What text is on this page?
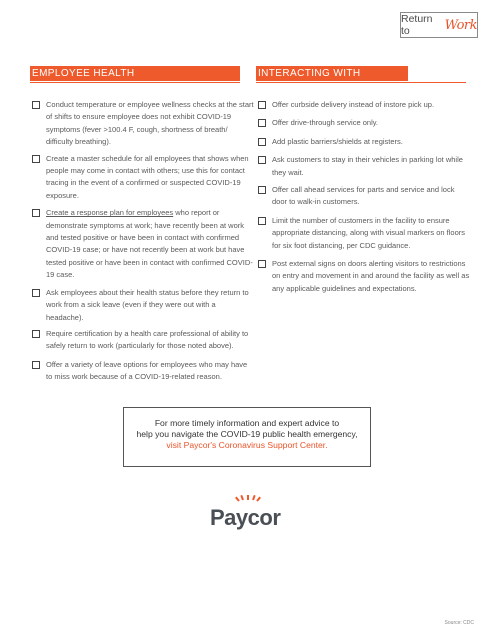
Return to	Work
EMPLOYEE HEALTH	INTERACTING WITH CUSTOMERS
Conduct temperature or employee wellness checks at the start of shifts to ensure employee does not exhibit COVID-19 symptoms (fever >100.4 F, cough, shortness of breath/ difficulty breathing).
Create a master schedule for all employees that shows when people may come in contact with others; use this for contact tracing in the event of a confirmed or suspected COVID-19 exposure.
Create a response plan for employees who report or demonstrate symptoms at work; have recently been at work and tested positive or have been in contact with confirmed COVID-19 case; or have not recently been at work but have tested positive or have been in contact with confirmed COVID-19 case.
Ask employees about their health status before they return to work from a sick leave (even if they were out with a headache).
Require certification by a health care professional of ability to safely return to work (particularly for those noted above).
Offer a variety of leave options for employees who may have to miss work because of a COVID-19-related reason.
Offer curbside delivery instead of instore pick up.
Offer drive-through service only.
Add plastic barriers/shields at registers.
Ask customers to stay in their vehicles in parking lot while they wait.
Offer call ahead services for parts and service and lock door to walk-in customers.
Limit the number of customers in the facility to ensure appropriate distancing, along with visual markers on floors for six foot distancing, per CDC guidance.
Post external signs on doors alerting visitors to restrictions on entry and movement in and around the facility as well as any applicable guidelines and expectations.
For more timely information and expert advice to
help you navigate the COVID-19 public health emergency,
visit Paycor's Coronavirus Support Center.
Paycor
Source: CDC
